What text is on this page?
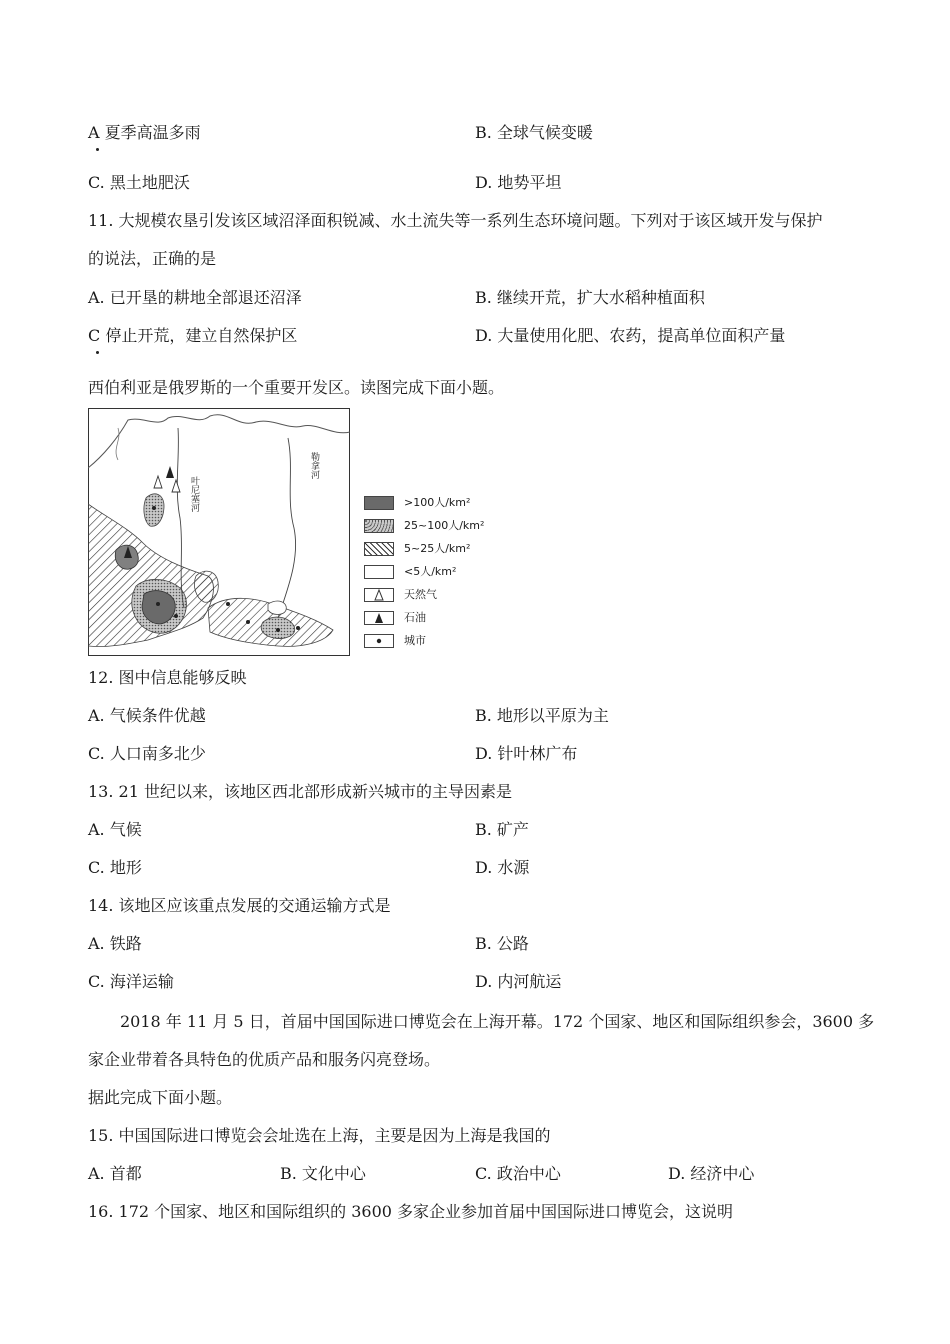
A 夏季高温多雨	B. 全球气候变暖
C. 黑土地肥沃	D. 地势平坦
11. 大规模农垦引发该区域沼泽面积锐减、水土流失等一系列生态环境问题。下列对于该区域开发与保护
的说法，正确的是
A. 已开垦的耕地全部退还沼泽	B. 继续开荒，扩大水稻种植面积
C 停止开荒，建立自然保护区	D. 大量使用化肥、农药，提高单位面积产量
西伯利亚是俄罗斯的一个重要开发区。读图完成下面小题。
叶尼塞河
勒拿河
>100人/km²
25~100人/km²
5~25人/km²
<5人/km²
天然气
石油
城市
12. 图中信息能够反映
A. 气候条件优越	B. 地形以平原为主
C. 人口南多北少	D. 针叶林广布
13. 21 世纪以来，该地区西北部形成新兴城市的主导因素是
A. 气候	B. 矿产
C. 地形	D. 水源
14. 该地区应该重点发展的交通运输方式是
A. 铁路	B. 公路
C. 海洋运输	D. 内河航运
2018 年 11 月 5 日，首届中国国际进口博览会在上海开幕。172 个国家、地区和国际组织参会，3600 多
家企业带着各具特色的优质产品和服务闪亮登场。
据此完成下面小题。
15. 中国国际进口博览会会址选在上海，主要是因为上海是我国的
A. 首都	B. 文化中心	C. 政治中心	D. 经济中心
16. 172 个国家、地区和国际组织的 3600 多家企业参加首届中国国际进口博览会，这说明
